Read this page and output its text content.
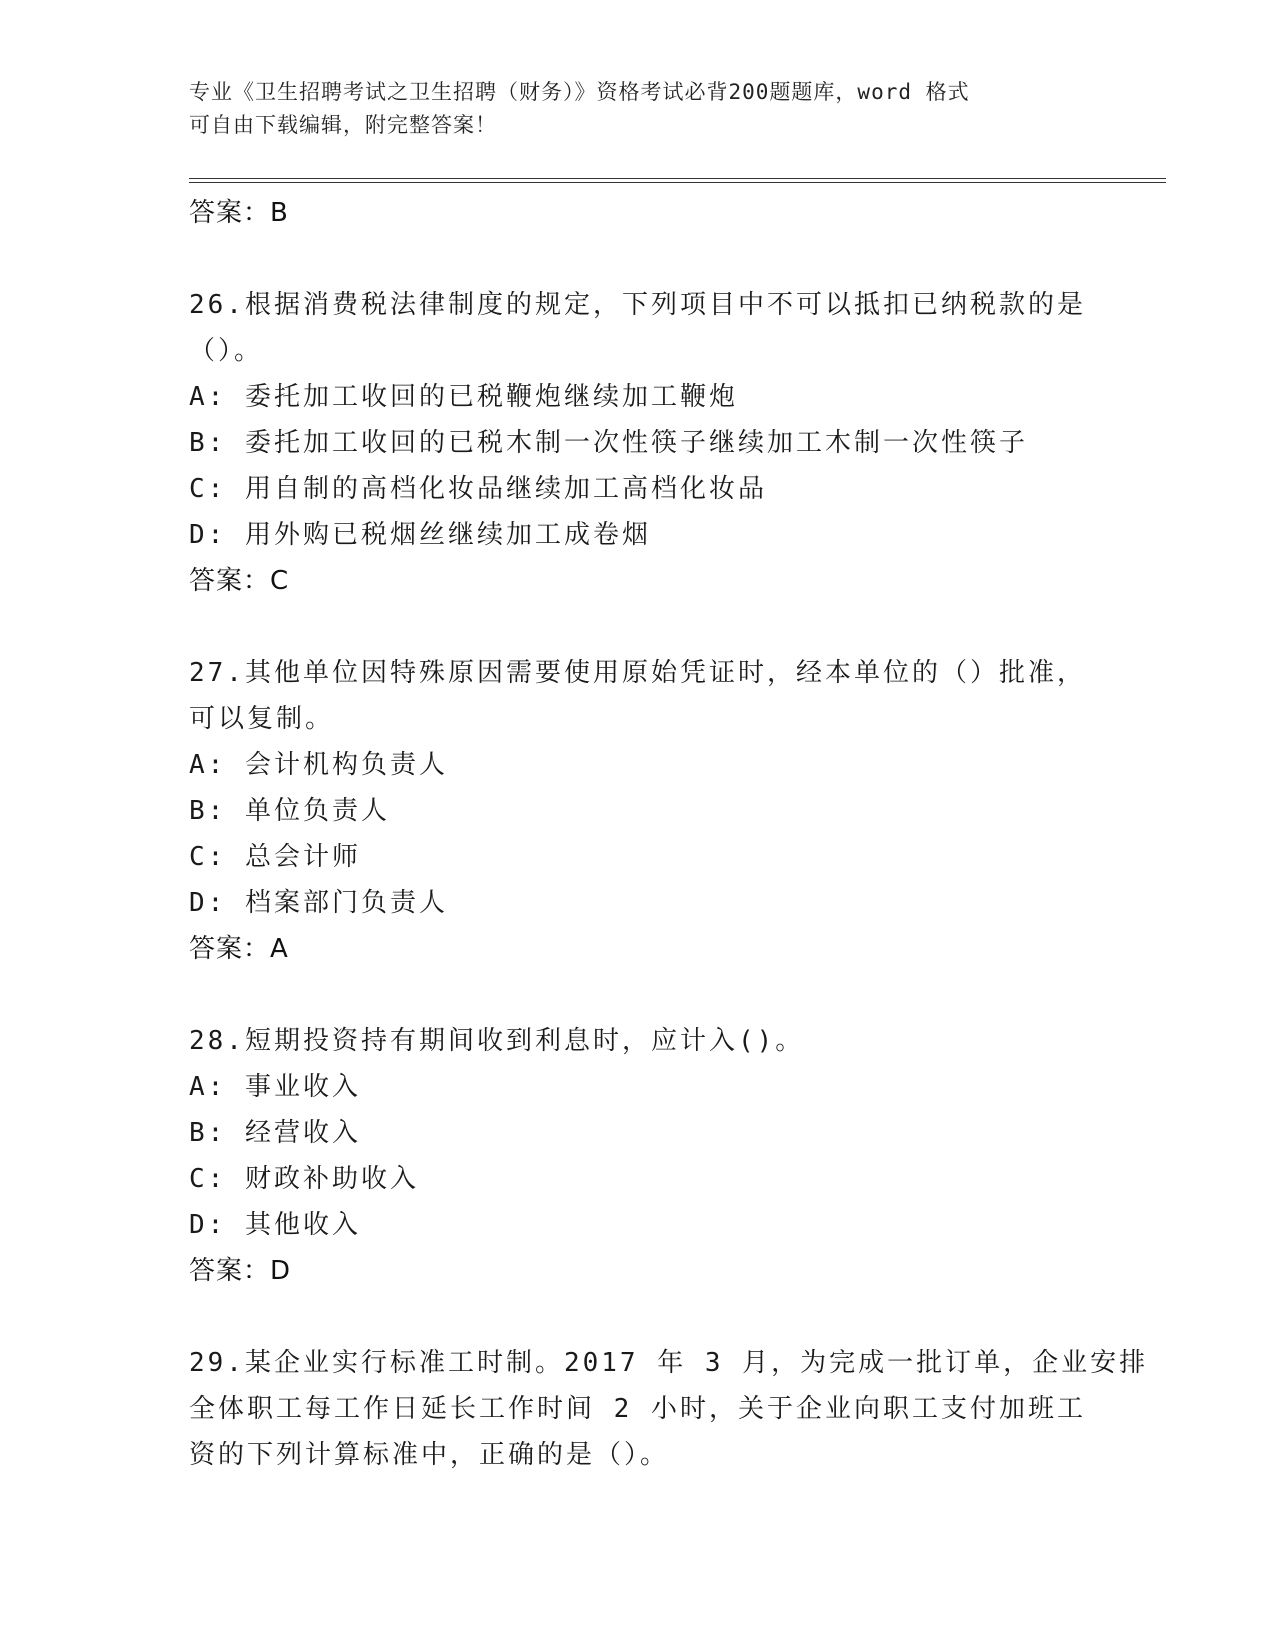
专业《卫生招聘考试之卫生招聘（财务）》资格考试必背200题题库，word 格式
可自由下载编辑，附完整答案！
答案：B
26.根据消费税法律制度的规定，下列项目中不可以抵扣已纳税款的是
（）。
A: 委托加工收回的已税鞭炮继续加工鞭炮
B: 委托加工收回的已税木制一次性筷子继续加工木制一次性筷子
C: 用自制的高档化妆品继续加工高档化妆品
D: 用外购已税烟丝继续加工成卷烟
答案：C
27.其他单位因特殊原因需要使用原始凭证时，经本单位的（）批准，
可以复制。
A: 会计机构负责人
B: 单位负责人
C: 总会计师
D: 档案部门负责人
答案：A
28.短期投资持有期间收到利息时，应计入()。
A: 事业收入
B: 经营收入
C: 财政补助收入
D: 其他收入
答案：D
29.某企业实行标准工时制。2017 年 3 月，为完成一批订单，企业安排
全体职工每工作日延长工作时间 2 小时，关于企业向职工支付加班工
资的下列计算标准中，正确的是（）。
